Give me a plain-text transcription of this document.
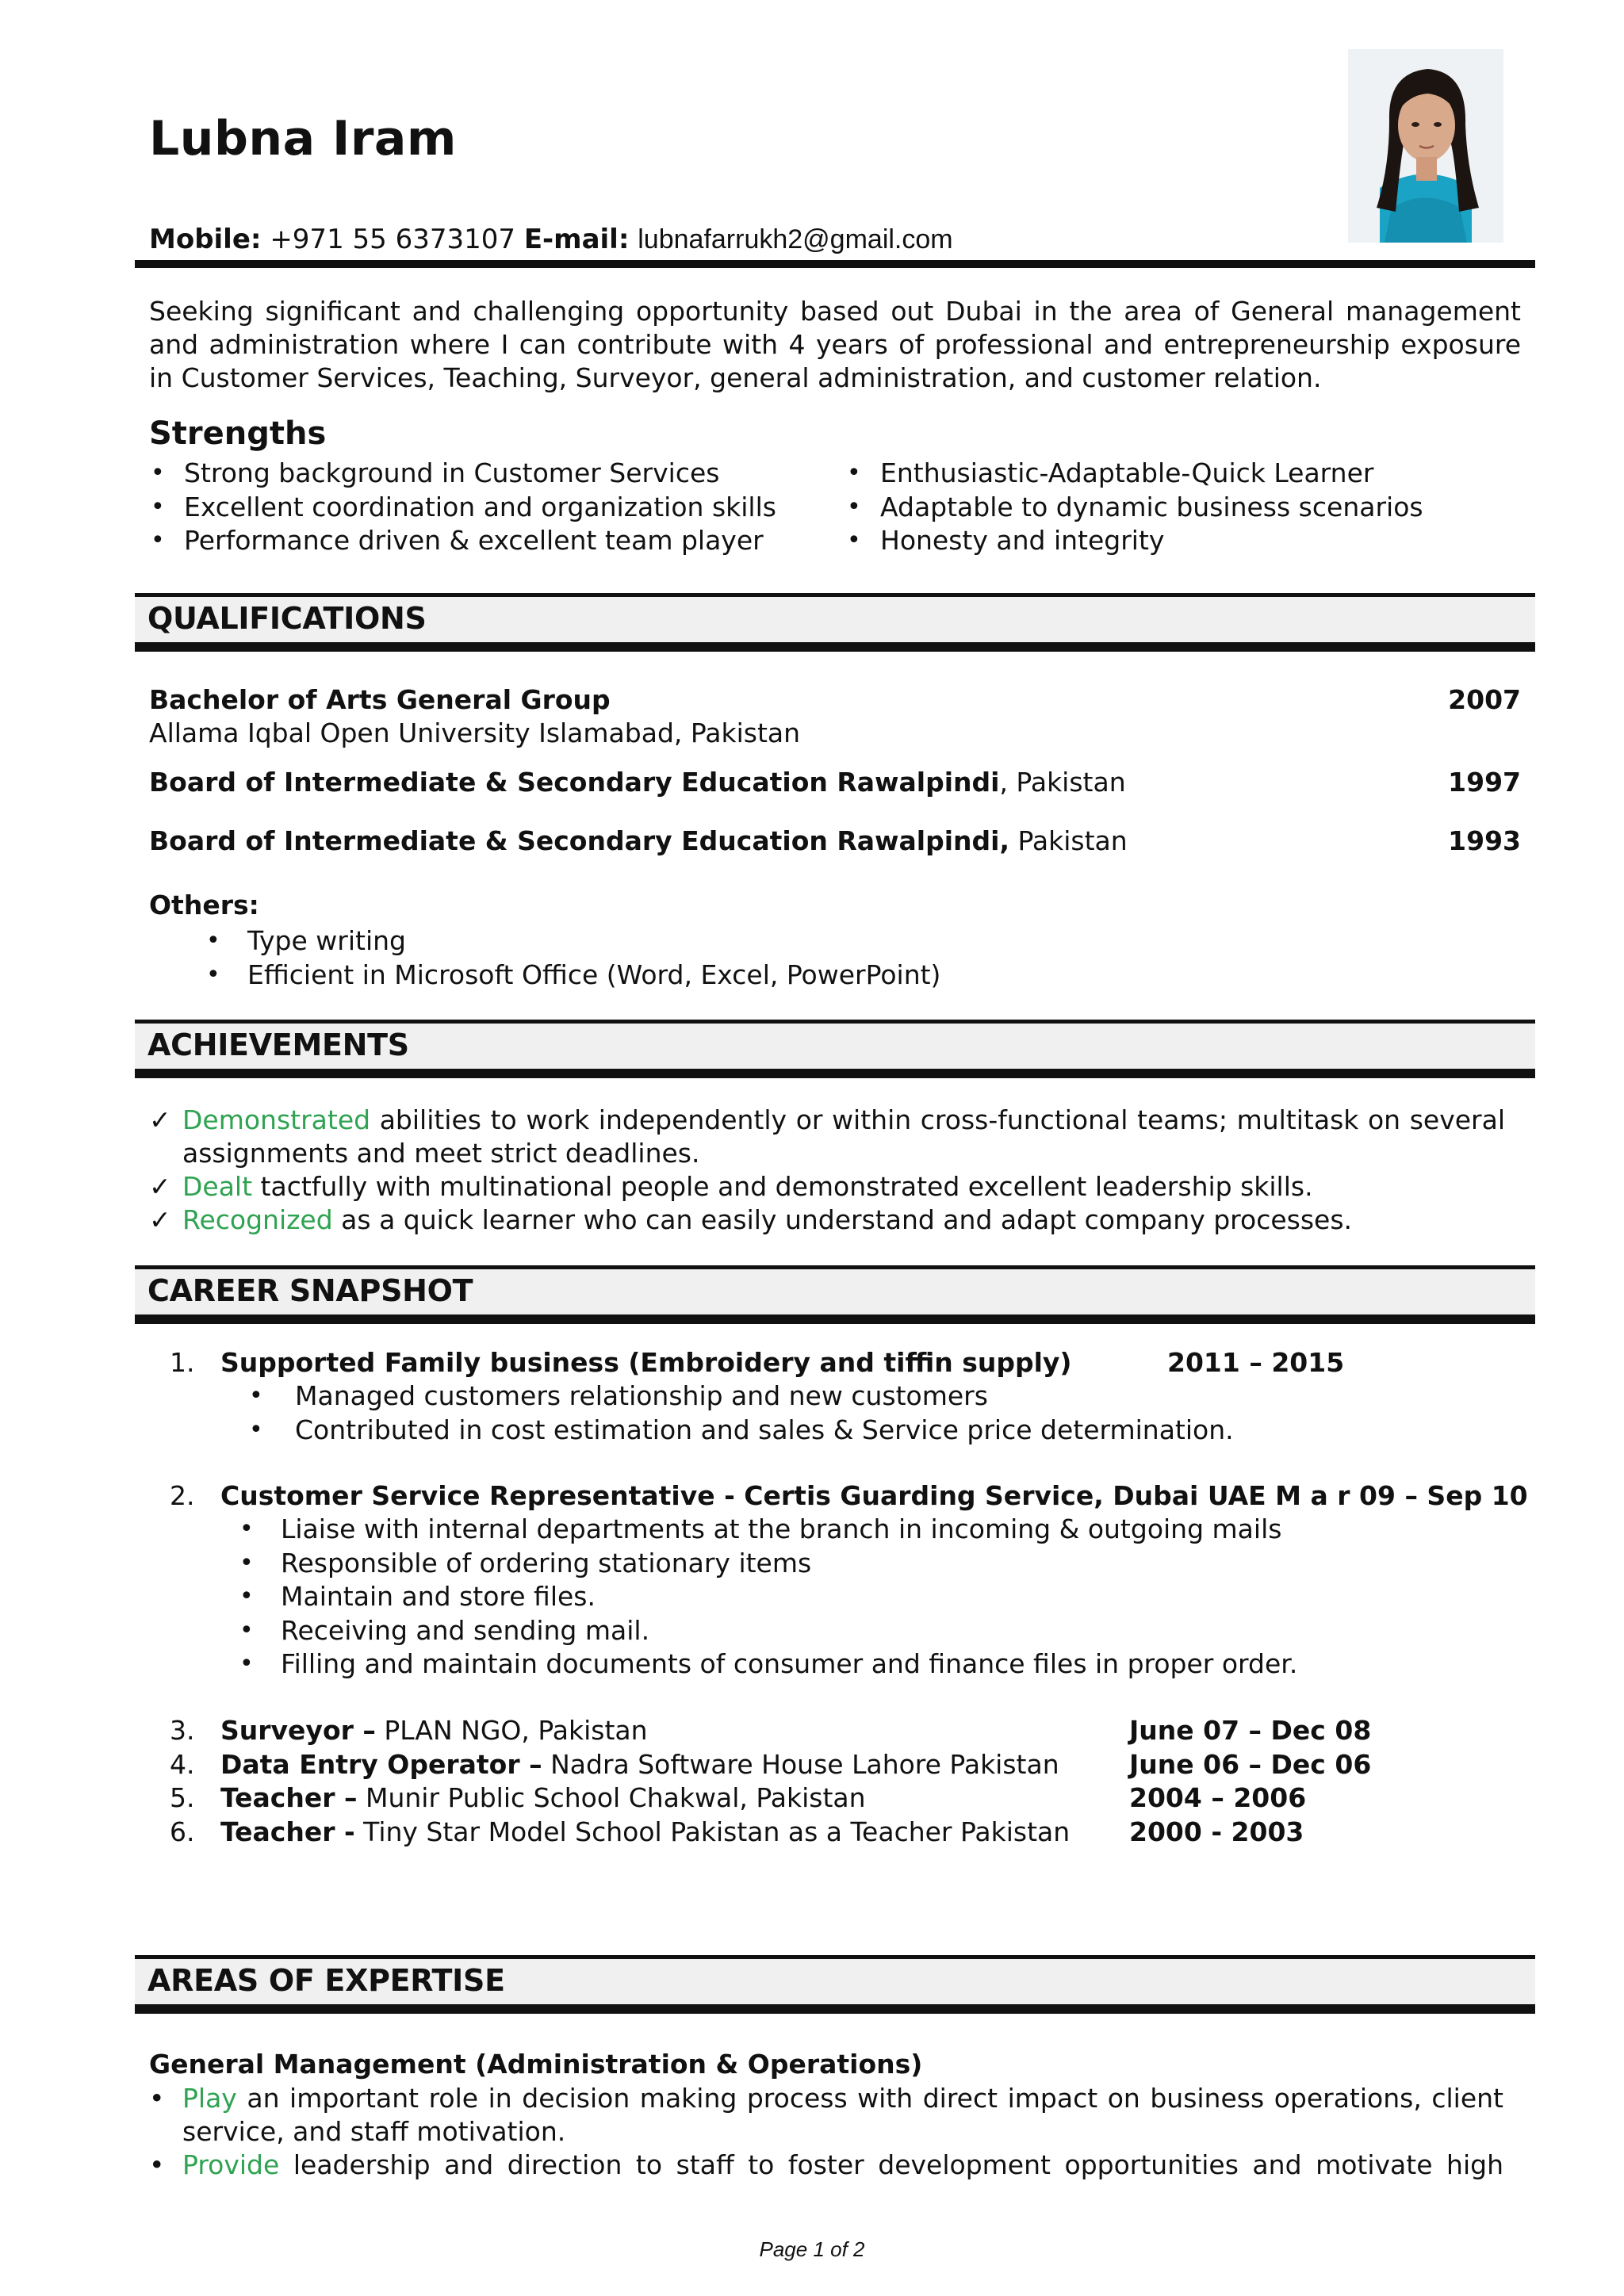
Lubna Iram
Mobile: +971 55 6373107 E-mail: lubnafarrukh2@gmail.com
Seeking significant and challenging opportunity based out Dubai in the area of General management and administration where I can contribute with 4 years of professional and entrepreneurship exposure in Customer Services, Teaching, Surveyor, general administration, and customer relation.
Strengths
• Strong background in Customer Services
• Excellent coordination and organization skills
• Performance driven & excellent team player
• Enthusiastic-Adaptable-Quick Learner
• Adaptable to dynamic business scenarios
• Honesty and integrity
QUALIFICATIONS
Bachelor of Arts General Group	2007
Allama Iqbal Open University Islamabad, Pakistan
Board of Intermediate & Secondary Education Rawalpindi, Pakistan	1997
Board of Intermediate & Secondary Education Rawalpindi, Pakistan	1993
Others:
• Type writing
• Efficient in Microsoft Office (Word, Excel, PowerPoint)
ACHIEVEMENTS
✓ Demonstrated abilities to work independently or within cross-functional teams; multitask on several assignments and meet strict deadlines.
✓ Dealt tactfully with multinational people and demonstrated excellent leadership skills.
✓ Recognized as a quick learner who can easily understand and adapt company processes.
CAREER SNAPSHOT
1. Supported Family business (Embroidery and tiffin supply)	2011 – 2015
• Managed customers relationship and new customers
• Contributed in cost estimation and sales & Service price determination.
2. Customer Service Representative - Certis Guarding Service, Dubai UAE M a r 09 – Sep 10
• Liaise with internal departments at the branch in incoming & outgoing mails
• Responsible of ordering stationary items
• Maintain and store files.
• Receiving and sending mail.
• Filling and maintain documents of consumer and finance files in proper order.
3. Surveyor – PLAN NGO, Pakistan	June 07 – Dec 08
4. Data Entry Operator – Nadra Software House Lahore Pakistan	June 06 – Dec 06
5. Teacher – Munir Public School Chakwal, Pakistan	2004 – 2006
6. Teacher - Tiny Star Model School Pakistan as a Teacher Pakistan 2000 - 2003
AREAS OF EXPERTISE
General Management (Administration & Operations)
• Play an important role in decision making process with direct impact on business operations, client service, and staff motivation.
• Provide leadership and direction to staff to foster development opportunities and motivate high
Page 1 of 2
